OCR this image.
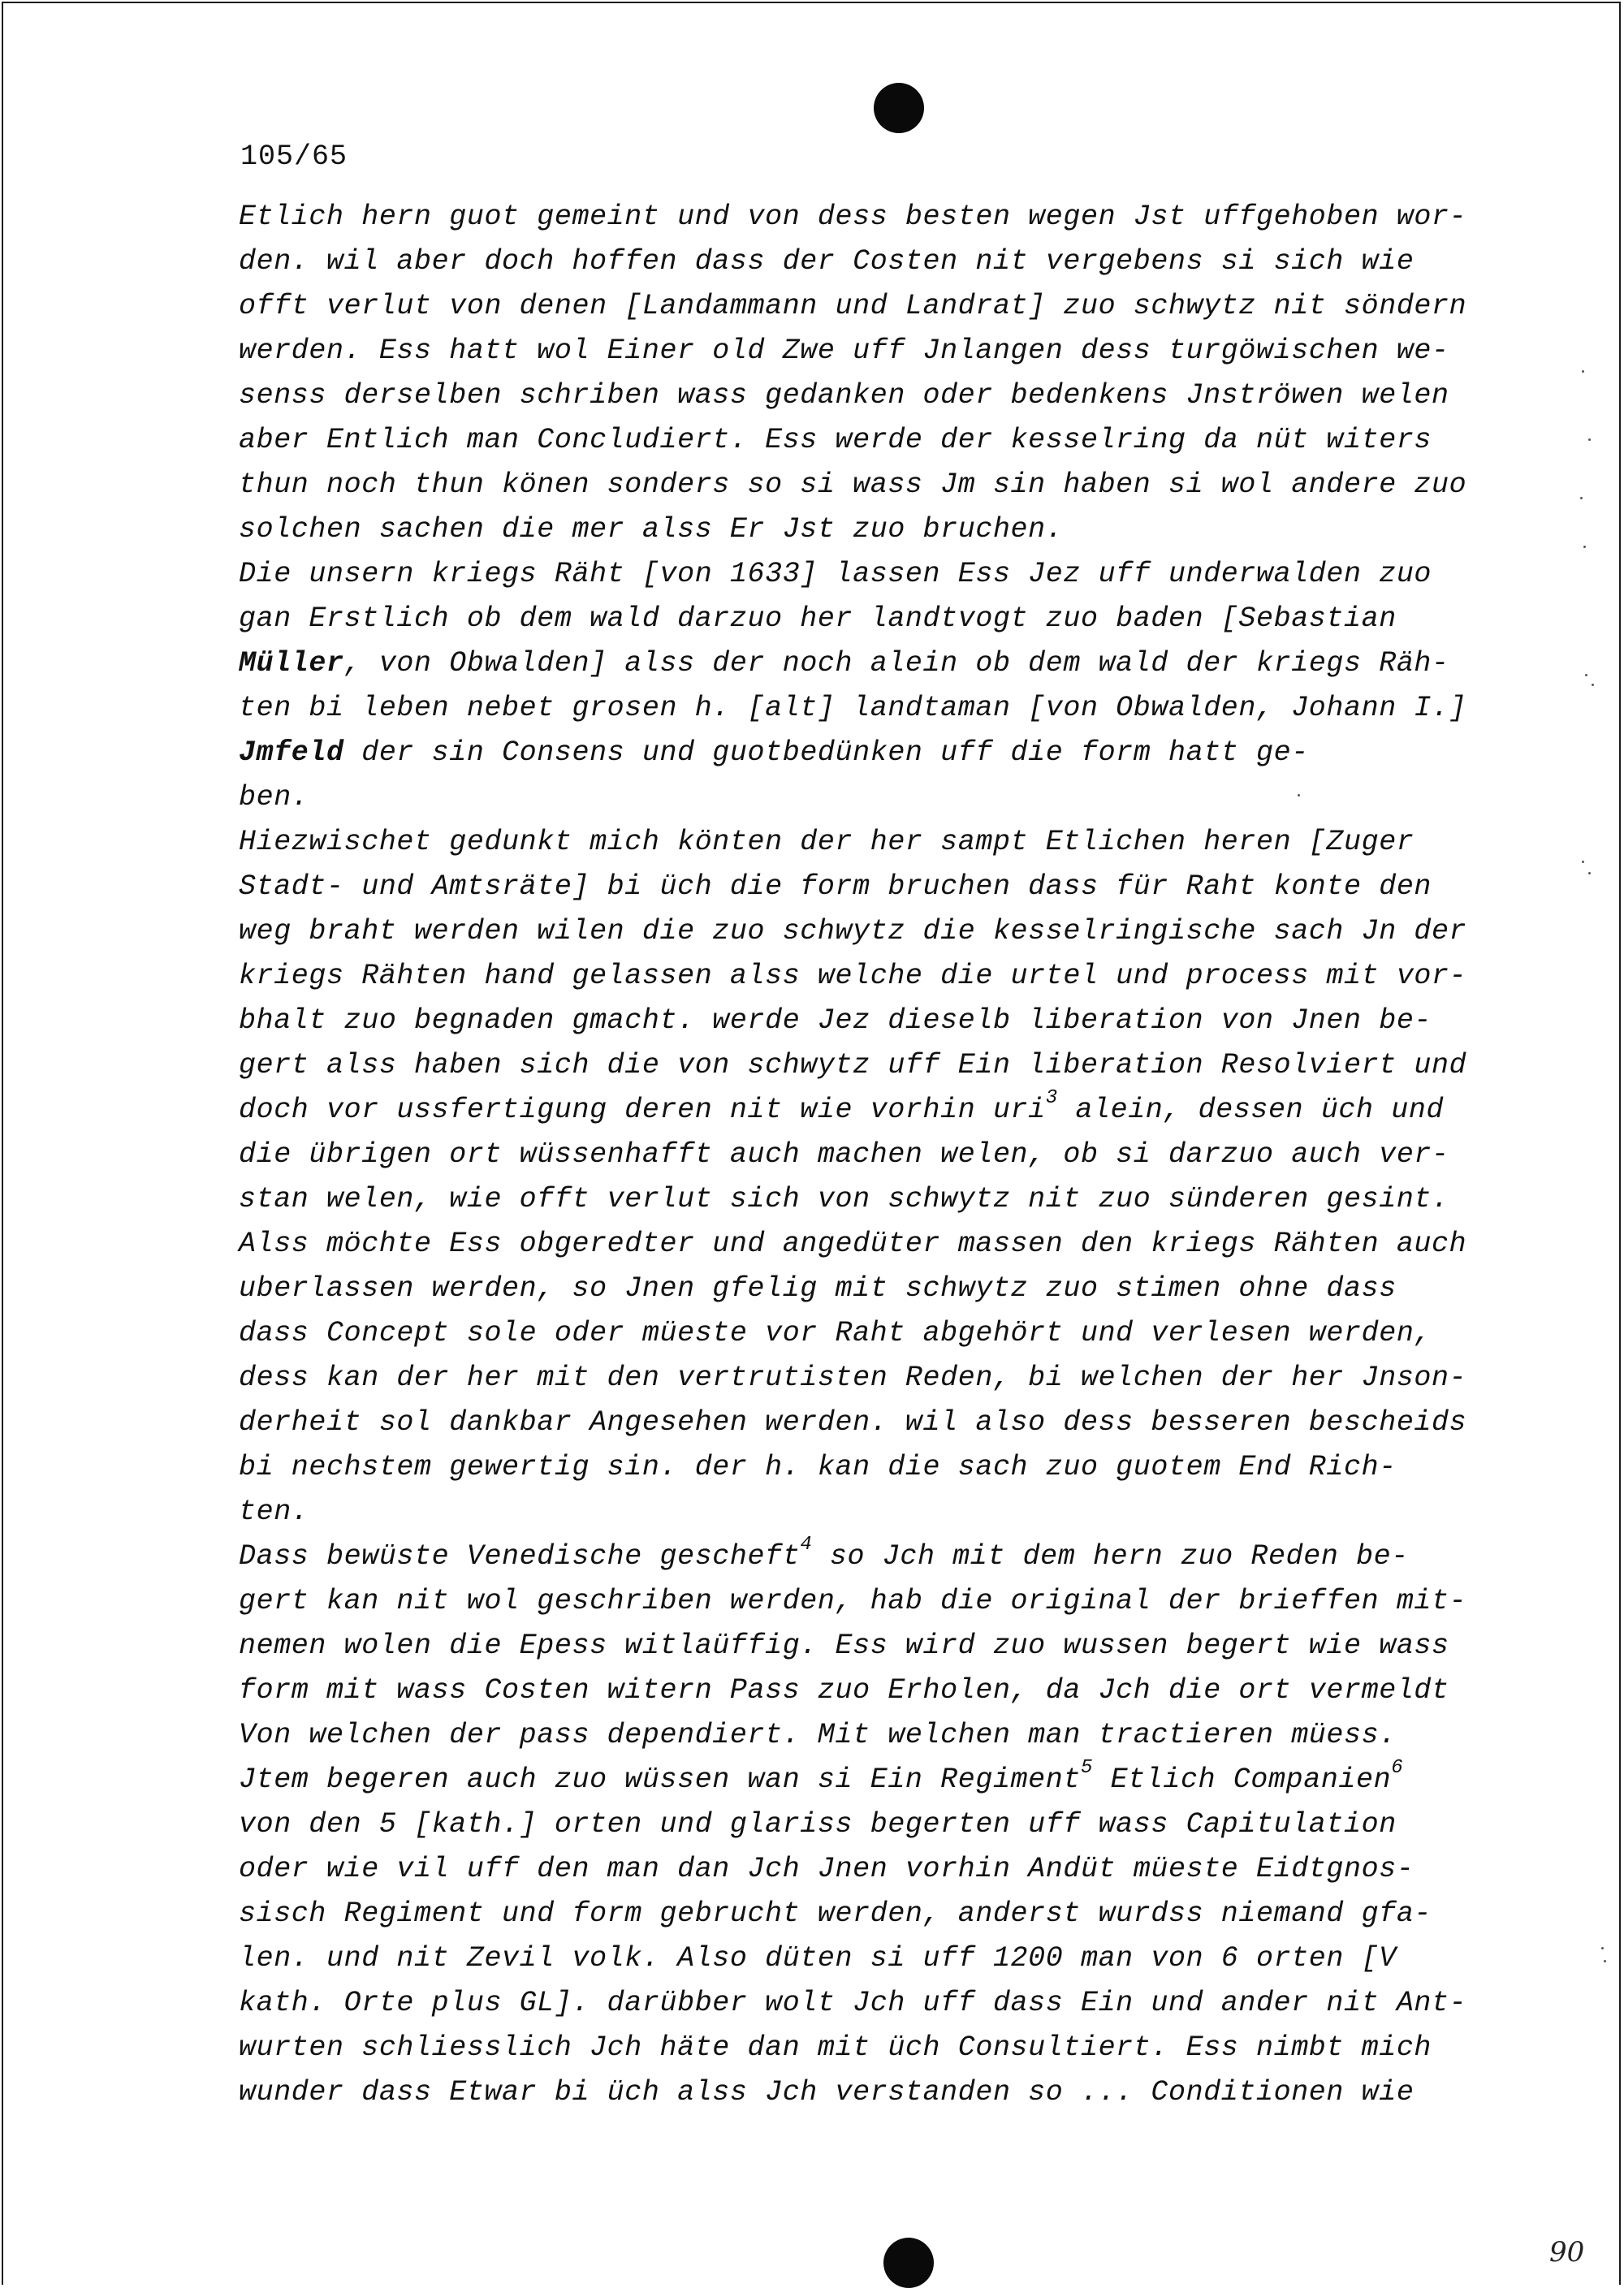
105/65
Etlich hern guot gemeint und von dess besten wegen Jst uffgehoben wor-
den. wil aber doch hoffen dass der Costen nit vergebens si sich wie
offt verlut von denen [Landammann und Landrat] zuo schwytz nit söndern
werden. Ess hatt wol Einer old Zwe uff Jnlangen dess turgöwischen we-
senss derselben schriben wass gedanken oder bedenkens Jnströwen welen
aber Entlich man Concludiert. Ess werde der kesselring da nüt witers
thun noch thun könen sonders so si wass Jm sin haben si wol andere zuo
solchen sachen die mer alss Er Jst zuo bruchen.
Die unsern kriegs Räht [von 1633] lassen Ess Jez uff underwalden zuo
gan Erstlich ob dem wald darzuo her landtvogt zuo baden [Sebastian
Müller, von Obwalden] alss der noch alein ob dem wald der kriegs Räh-
ten bi leben nebet grosen h. [alt] landtaman [von Obwalden, Johann I.]
Jmfeld der sin Consens und guotbedünken uff die form hatt ge-
ben.
Hiezwischet gedunkt mich könten der her sampt Etlichen heren [Zuger
Stadt- und Amtsräte] bi üch die form bruchen dass für Raht konte den
weg braht werden wilen die zuo schwytz die kesselringische sach Jn der
kriegs Rähten hand gelassen alss welche die urtel und process mit vor-
bhalt zuo begnaden gmacht. werde Jez dieselb liberation von Jnen be-
gert alss haben sich die von schwytz uff Ein liberation Resolviert und
doch vor ussfertigung deren nit wie vorhin uri$^3$ alein, dessen üch und
die übrigen ort wüssenhafft auch machen welen, ob si darzuo auch ver-
stan welen, wie offt verlut sich von schwytz nit zuo sünderen gesint.
Alss möchte Ess obgeredter und angedüter massen den kriegs Rähten auch
uberlassen werden, so Jnen gfelig mit schwytz zuo stimen ohne dass
dass Concept sole oder müeste vor Raht abgehört und verlesen werden,
dess kan der her mit den vertrutisten Reden, bi welchen der her Jnson-
derheit sol dankbar Angesehen werden. wil also dess besseren bescheids
bi nechstem gewertig sin. der h. kan die sach zuo guotem End Rich-
ten.
Dass bewüste Venedische gescheft$^4$ so Jch mit dem hern zuo Reden be-
gert kan nit wol geschriben werden, hab die original der brieffen mit-
nemen wolen die Epess witlaüffig. Ess wird zuo wussen begert wie wass
form mit wass Costen witern Pass zuo Erholen, da Jch die ort vermeldt
Von welchen der pass dependiert. Mit welchen man tractieren müess.
Jtem begeren auch zuo wüssen wan si Ein Regiment$^5$ Etlich Companien$^6$
von den 5 [kath.] orten und glariss begerten uff wass Capitulation
oder wie vil uff den man dan Jch Jnen vorhin Andüt müeste Eidtgnos-
sisch Regiment und form gebrucht werden, anderst wurdss niemand gfa-
len. und nit Zevil volk. Also düten si uff 1200 man von 6 orten [V
kath. Orte plus GL]. darübber wolt Jch uff dass Ein und ander nit Ant-
wurten schliesslich Jch häte dan mit üch Consultiert. Ess nimbt mich
wunder dass Etwar bi üch alss Jch verstanden so ... Conditionen wie
90
